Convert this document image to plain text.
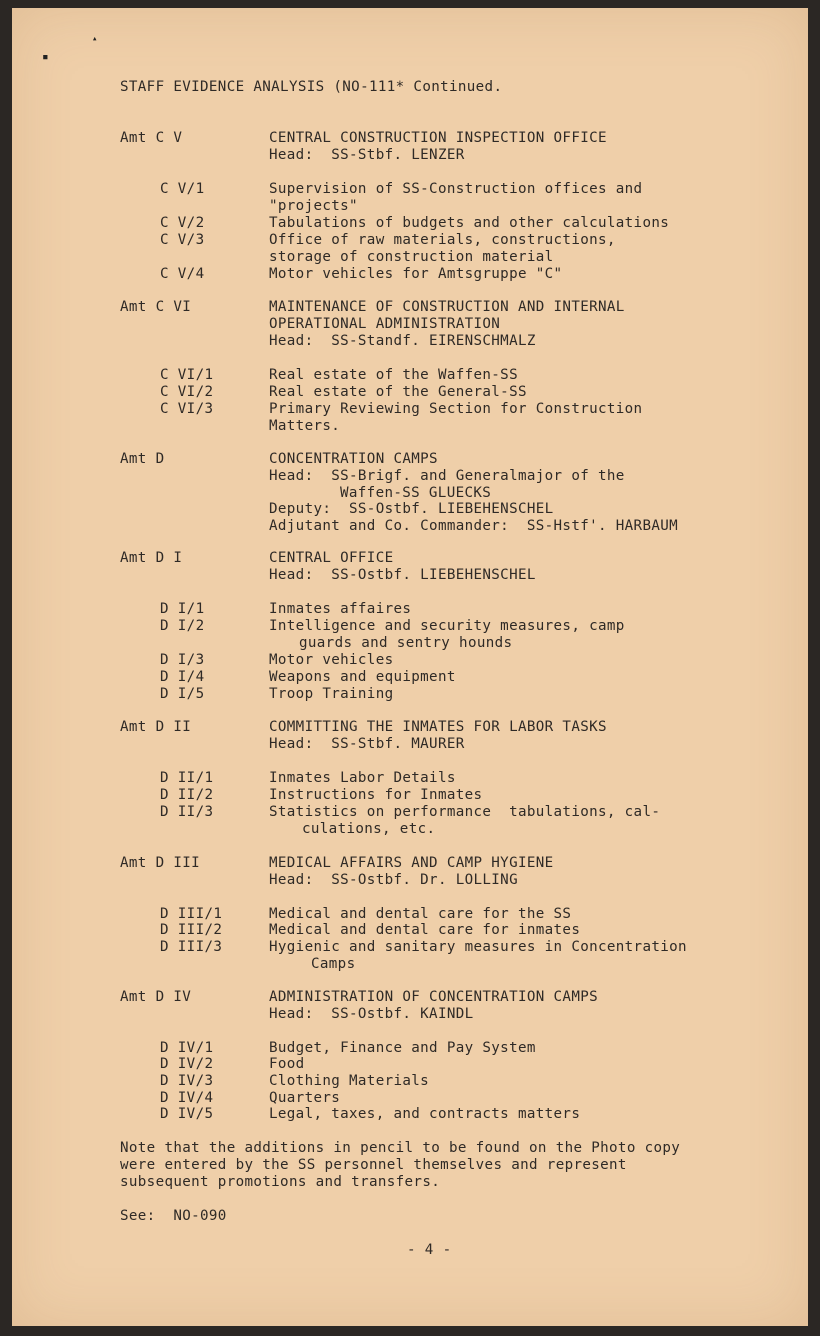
▪
▴
STAFF EVIDENCE ANALYSIS (NO-111* Continued.
Amt C V	CENTRAL CONSTRUCTION INSPECTION OFFICE
Head:  SS-Stbf. LENZER
C V/1	Supervision of SS-Construction offices and
"projects"
C V/2	Tabulations of budgets and other calculations
C V/3	Office of raw materials, constructions,
storage of construction material
C V/4	Motor vehicles for Amtsgruppe "C"
Amt C VI	MAINTENANCE OF CONSTRUCTION AND INTERNAL
OPERATIONAL ADMINISTRATION
Head:  SS-Standf. EIRENSCHMALZ
C VI/1	Real estate of the Waffen-SS
C VI/2	Real estate of the General-SS
C VI/3	Primary Reviewing Section for Construction
Matters.
Amt D	CONCENTRATION CAMPS
Head:  SS-Brigf. and Generalmajor of the
Waffen-SS GLUECKS
Deputy:  SS-Ostbf. LIEBEHENSCHEL
Adjutant and Co. Commander:  SS-Hstf'. HARBAUM
Amt D I	CENTRAL OFFICE
Head:  SS-Ostbf. LIEBEHENSCHEL
D I/1	Inmates affaires
D I/2	Intelligence and security measures, camp
guards and sentry hounds
D I/3	Motor vehicles
D I/4	Weapons and equipment
D I/5	Troop Training
Amt D II	COMMITTING THE INMATES FOR LABOR TASKS
Head:  SS-Stbf. MAURER
D II/1	Inmates Labor Details
D II/2	Instructions for Inmates
D II/3	Statistics on performance  tabulations, cal-
culations, etc.
Amt D III	MEDICAL AFFAIRS AND CAMP HYGIENE
Head:  SS-Ostbf. Dr. LOLLING
D III/1	Medical and dental care for the SS
D III/2	Medical and dental care for inmates
D III/3	Hygienic and sanitary measures in Concentration
Camps
Amt D IV	ADMINISTRATION OF CONCENTRATION CAMPS
Head:  SS-Ostbf. KAINDL
D IV/1	Budget, Finance and Pay System
D IV/2	Food
D IV/3	Clothing Materials
D IV/4	Quarters
D IV/5	Legal, taxes, and contracts matters
Note that the additions in pencil to be found on the Photo copy
were entered by the SS personnel themselves and represent
subsequent promotions and transfers.
See:  NO-090
- 4 -
